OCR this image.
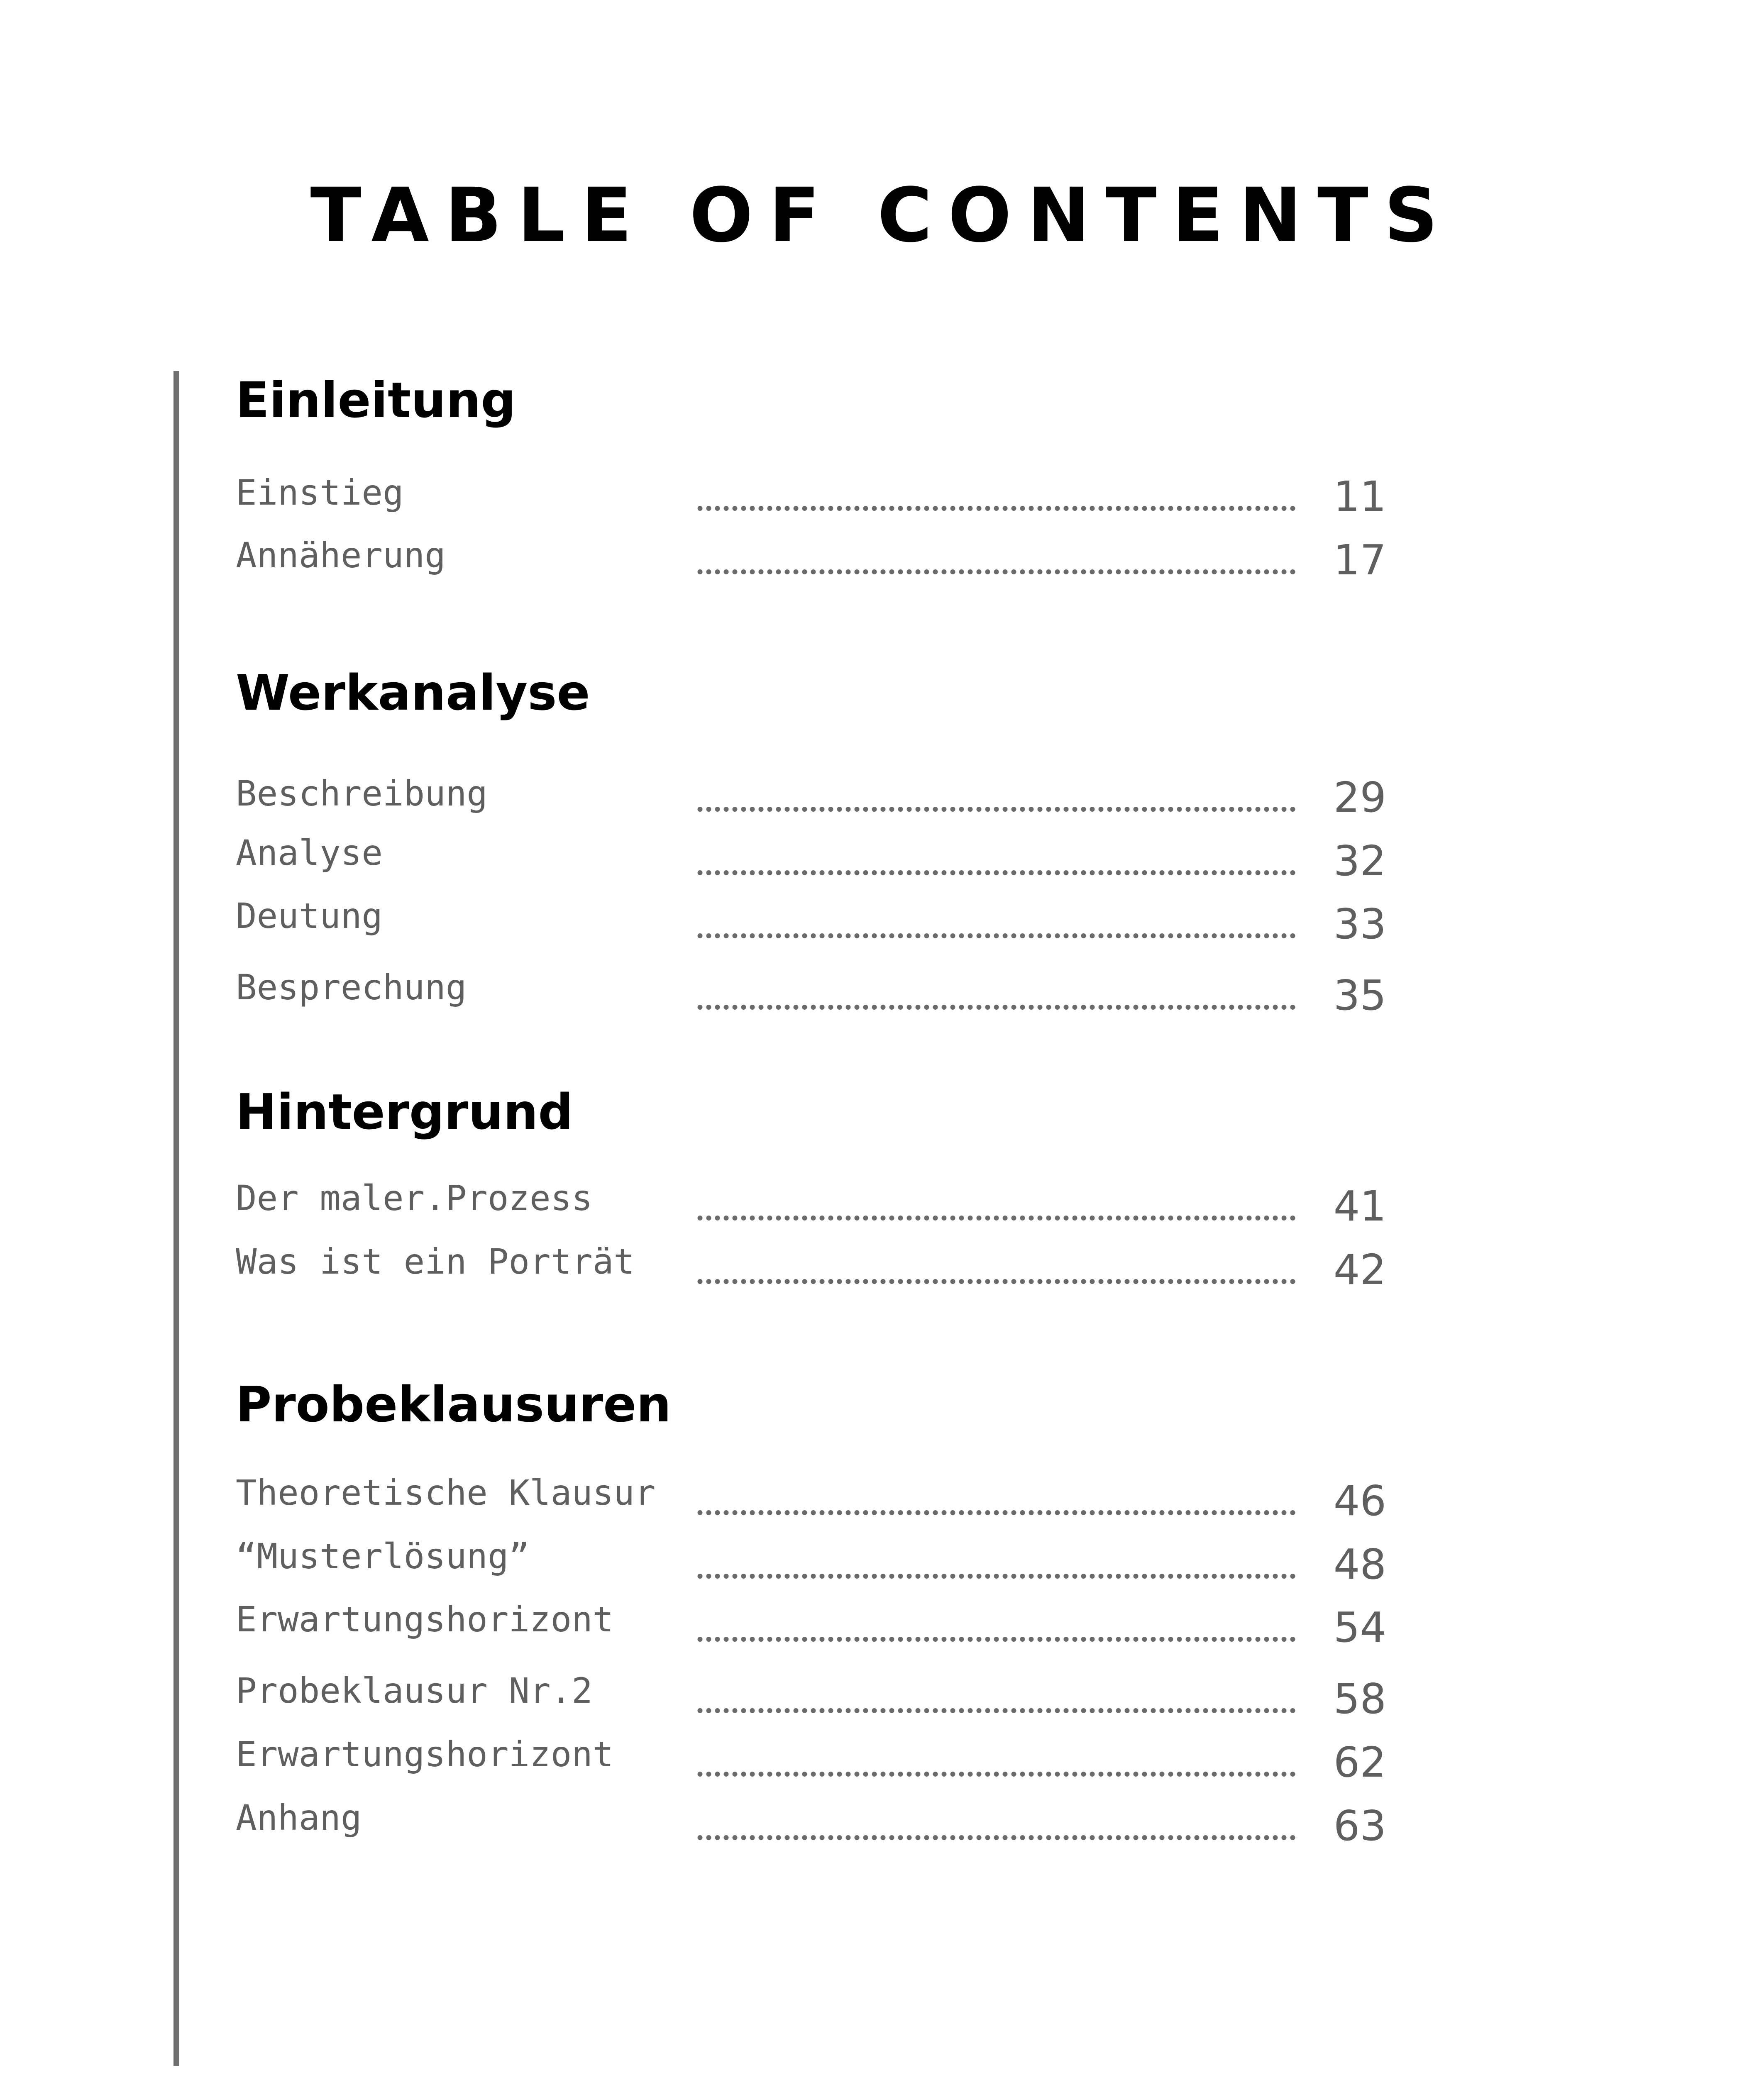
TABLE OF CONTENTS
Einleitung
Einstieg	11
Annäherung	17
Werkanalyse
Beschreibung	29
Analyse	32
Deutung	33
Besprechung	35
Hintergrund
Der maler.Prozess	41
Was ist ein Porträt	42
Probeklausuren
Theoretische Klausur	46
“Musterlösung”	48
Erwartungshorizont	54
Probeklausur Nr.2	58
Erwartungshorizont	62
Anhang	63
